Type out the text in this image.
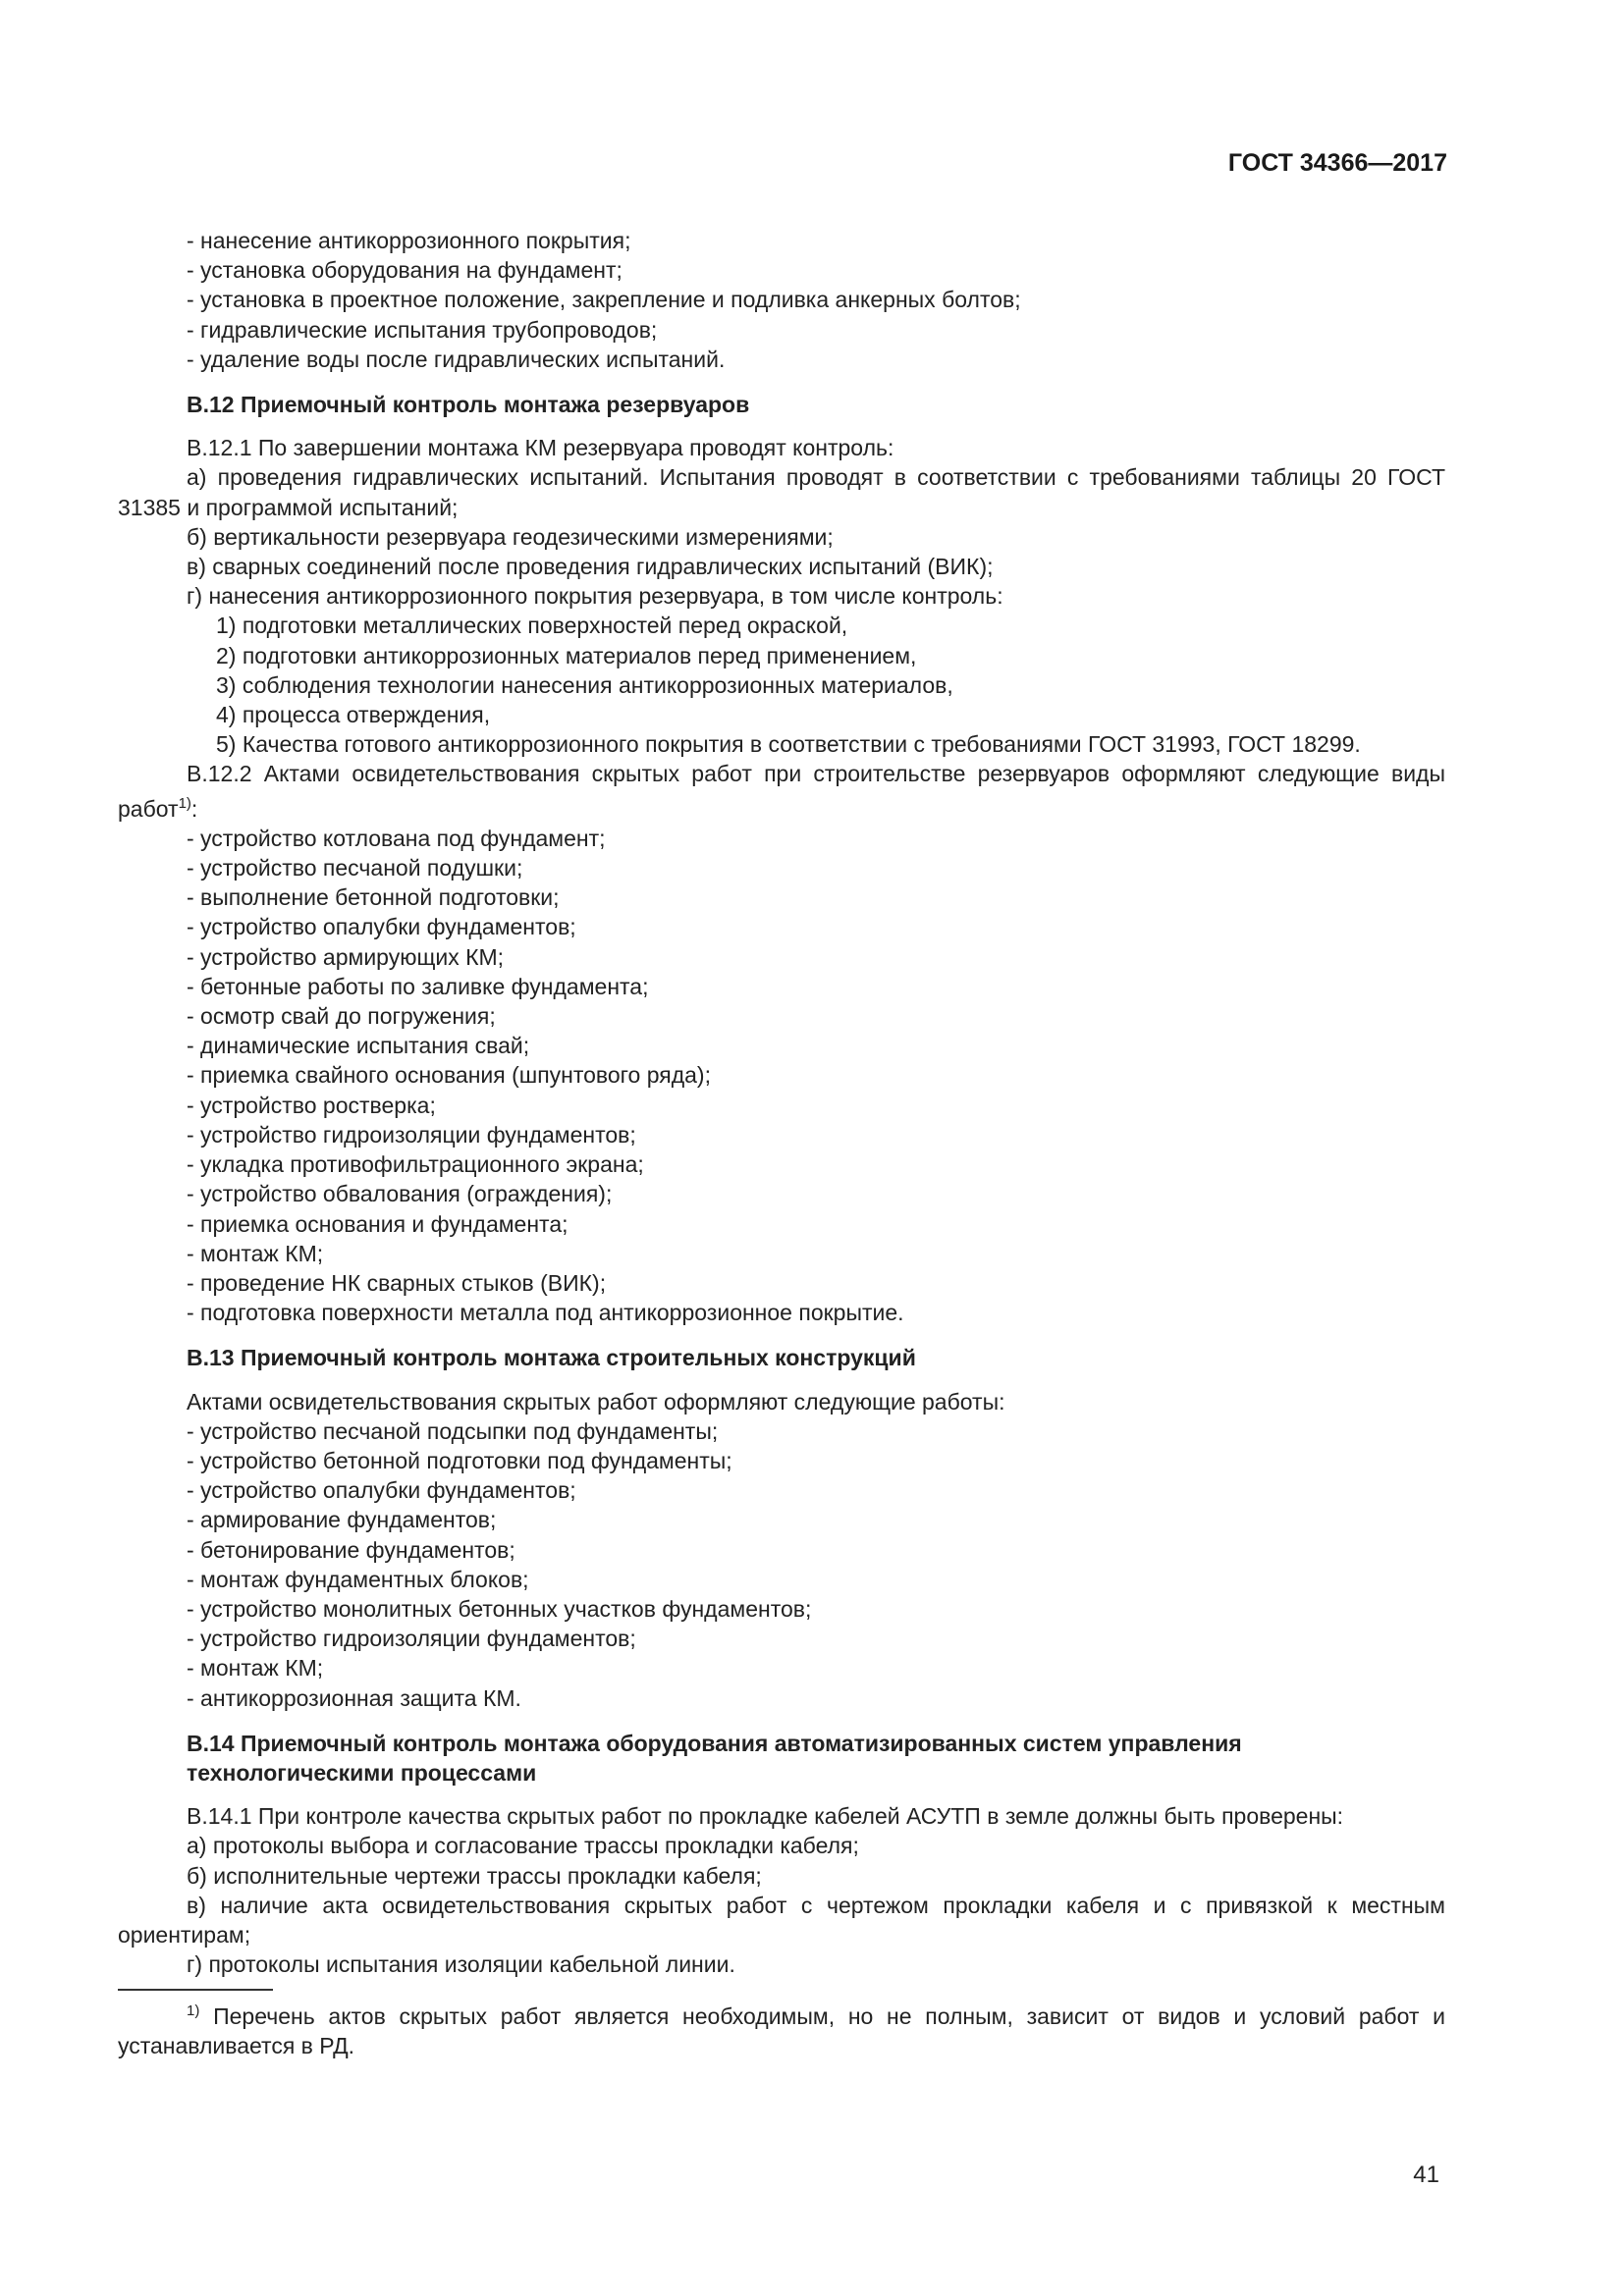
ГОСТ 34366—2017
- нанесение антикоррозионного покрытия;
- установка оборудования на фундамент;
- установка в проектное положение, закрепление и подливка анкерных болтов;
- гидравлические испытания трубопроводов;
- удаление воды после гидравлических испытаний.
В.12 Приемочный контроль монтажа резервуаров
В.12.1 По завершении монтажа КМ резервуара проводят контроль:
а) проведения гидравлических испытаний. Испытания проводят в соответствии с требованиями таблицы 20 ГОСТ 31385 и программой испытаний;
б) вертикальности резервуара геодезическими измерениями;
в) сварных соединений после проведения гидравлических испытаний (ВИК);
г) нанесения антикоррозионного покрытия резервуара, в том числе контроль:
1) подготовки металлических поверхностей перед окраской,
2) подготовки антикоррозионных материалов перед применением,
3) соблюдения технологии нанесения антикоррозионных материалов,
4) процесса отверждения,
5) Качества готового антикоррозионного покрытия в соответствии с требованиями ГОСТ 31993, ГОСТ 18299.
В.12.2 Актами освидетельствования скрытых работ при строительстве резервуаров оформляют следующие виды работ$^{1)}$:
- устройство котлована под фундамент;
- устройство песчаной подушки;
- выполнение бетонной подготовки;
- устройство опалубки фундаментов;
- устройство армирующих КМ;
- бетонные работы по заливке фундамента;
- осмотр свай до погружения;
- динамические испытания свай;
- приемка свайного основания (шпунтового ряда);
- устройство ростверка;
- устройство гидроизоляции фундаментов;
- укладка противофильтрационного экрана;
- устройство обвалования (ограждения);
- приемка основания и фундамента;
- монтаж КМ;
- проведение НК сварных стыков (ВИК);
- подготовка поверхности металла под антикоррозионное покрытие.
В.13 Приемочный контроль монтажа строительных конструкций
Актами освидетельствования скрытых работ оформляют следующие работы:
- устройство песчаной подсыпки под фундаменты;
- устройство бетонной подготовки под фундаменты;
- устройство опалубки фундаментов;
- армирование фундаментов;
- бетонирование фундаментов;
- монтаж фундаментных блоков;
- устройство монолитных бетонных участков фундаментов;
- устройство гидроизоляции фундаментов;
- монтаж КМ;
- антикоррозионная защита КМ.
В.14 Приемочный контроль монтажа оборудования автоматизированных систем управления технологическими процессами
В.14.1 При контроле качества скрытых работ по прокладке кабелей АСУТП в земле должны быть проверены:
а) протоколы выбора и согласование трассы прокладки кабеля;
б) исполнительные чертежи трассы прокладки кабеля;
в) наличие акта освидетельствования скрытых работ с чертежом прокладки кабеля и с привязкой к местным ориентирам;
г) протоколы испытания изоляции кабельной линии.
$^{1)}$ Перечень актов скрытых работ является необходимым, но не полным, зависит от видов и условий работ и устанавливается в РД.
41
